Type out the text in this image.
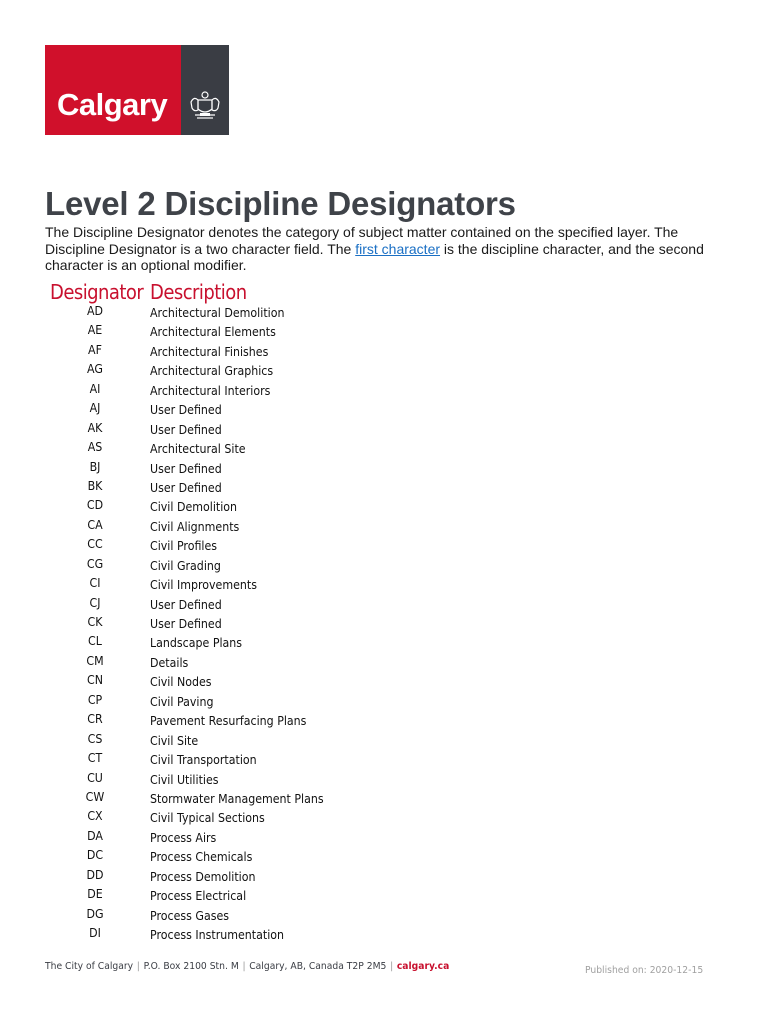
Calgary
Level 2 Discipline Designators

The Discipline Designator denotes the category of subject matter contained on the specified layer. The Discipline Designator is a two character field. The first character is the discipline character, and the second character is an optional modifier.

Designator Description
AD	Architectural Demolition
AE	Architectural Elements
AF	Architectural Finishes
AG	Architectural Graphics
AI	Architectural Interiors
AJ	User Defined
AK	User Defined
AS	Architectural Site
BJ	User Defined
BK	User Defined
CD	Civil Demolition
CA	Civil Alignments
CC	Civil Profiles
CG	Civil Grading
CI	Civil Improvements
CJ	User Defined
CK	User Defined
CL	Landscape Plans
CM	Details
CN	Civil Nodes
CP	Civil Paving
CR	Pavement Resurfacing Plans
CS	Civil Site
CT	Civil Transportation
CU	Civil Utilities
CW	Stormwater Management Plans
CX	Civil Typical Sections
DA	Process Airs
DC	Process Chemicals
DD	Process Demolition
DE	Process Electrical
DG	Process Gases
DI	Process Instrumentation
The City of Calgary | P.O. Box 2100 Stn. M | Calgary, AB, Canada T2P 2M5 | calgary.ca	Published on: 2020-12-15
